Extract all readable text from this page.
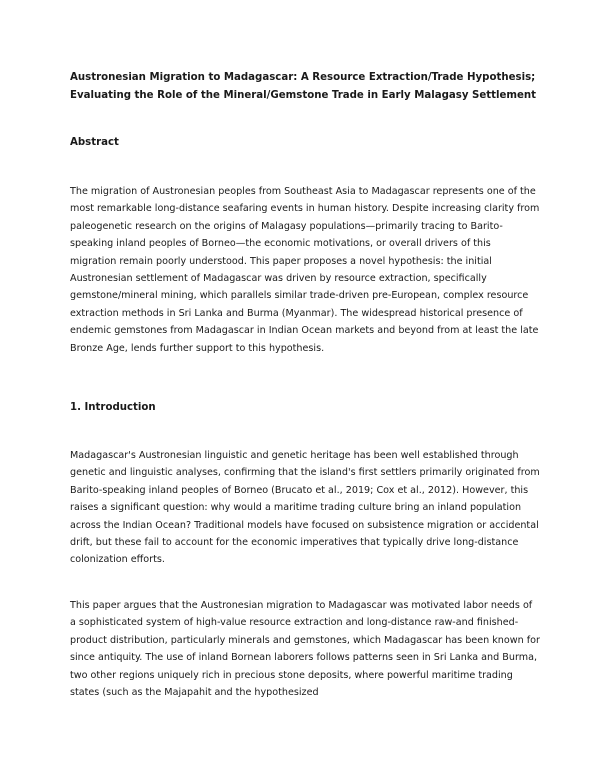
Austronesian Migration to Madagascar: A Resource Extraction/Trade Hypothesis; Evaluating the Role of the Mineral/Gemstone Trade in Early Malagasy Settlement

Abstract

The migration of Austronesian peoples from Southeast Asia to Madagascar represents one of the most remarkable long-distance seafaring events in human history. Despite increasing clarity from paleogenetic research on the origins of Malagasy populations—primarily tracing to Barito-speaking inland peoples of Borneo—the economic motivations, or overall drivers of this migration remain poorly understood. This paper proposes a novel hypothesis: the initial Austronesian settlement of Madagascar was driven by resource extraction, specifically gemstone/mineral mining, which parallels similar trade-driven pre-European, complex resource extraction methods in Sri Lanka and Burma (Myanmar). The widespread historical presence of endemic gemstones from Madagascar in Indian Ocean markets and beyond from at least the late Bronze Age, lends further support to this hypothesis.

1. Introduction

Madagascar's Austronesian linguistic and genetic heritage has been well established through genetic and linguistic analyses, confirming that the island's first settlers primarily originated from Barito-speaking inland peoples of Borneo (Brucato et al., 2019; Cox et al., 2012). However, this raises a significant question: why would a maritime trading culture bring an inland population across the Indian Ocean? Traditional models have focused on subsistence migration or accidental drift, but these fail to account for the economic imperatives that typically drive long-distance colonization efforts.

This paper argues that the Austronesian migration to Madagascar was motivated labor needs of a sophisticated system of high-value resource extraction and long-distance raw-and finished-product distribution, particularly minerals and gemstones, which Madagascar has been known for since antiquity. The use of inland Bornean laborers follows patterns seen in Sri Lanka and Burma, two other regions uniquely rich in precious stone deposits, where powerful maritime trading states (such as the Majapahit and the hypothesized
